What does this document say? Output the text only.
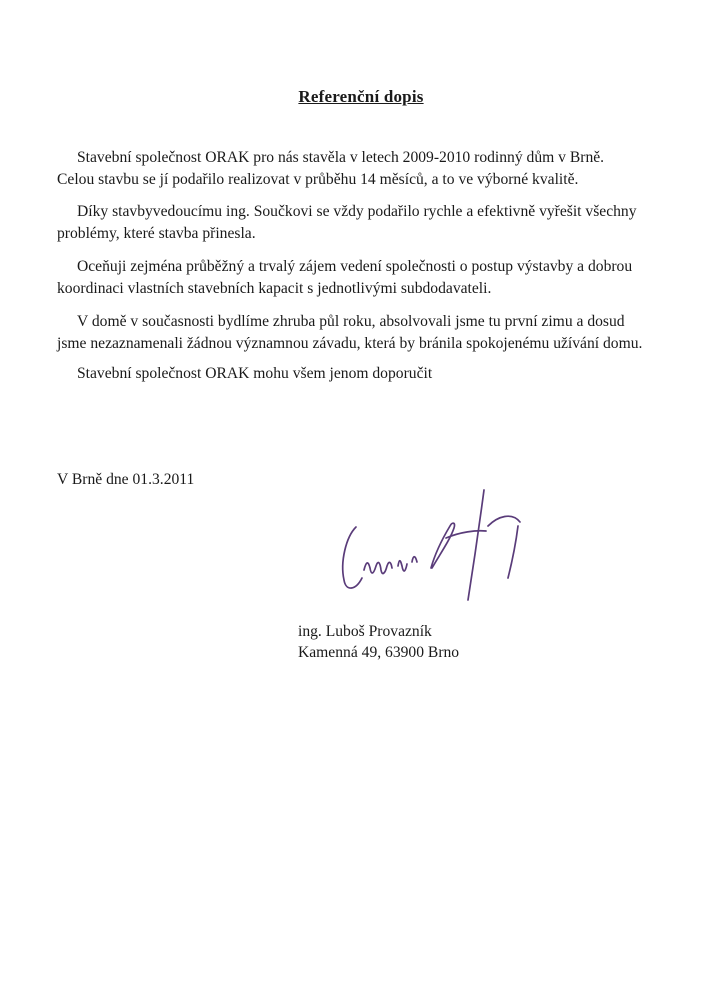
Referenční dopis
Stavební společnost ORAK pro nás stavěla v letech 2009-2010 rodinný dům v Brně.
Celou stavbu se jí podařilo realizovat v průběhu 14 měsíců, a to ve výborné kvalitě.
Díky stavbyvedoucímu ing. Součkovi se vždy podařilo rychle a efektivně vyřešit všechny
problémy, které stavba přinesla.
Oceňuji zejména průběžný a trvalý zájem vedení společnosti o postup výstavby a dobrou
koordinaci vlastních stavebních kapacit s jednotlivými subdodavateli.
V domě v současnosti bydlíme zhruba půl roku, absolvovali jsme tu první zimu a dosud
jsme nezaznamenali žádnou významnou závadu, která by bránila spokojenému užívání domu.
Stavební společnost ORAK mohu všem jenom doporučit
V Brně dne 01.3.2011
ing. Luboš Provazník
Kamenná 49, 63900 Brno
